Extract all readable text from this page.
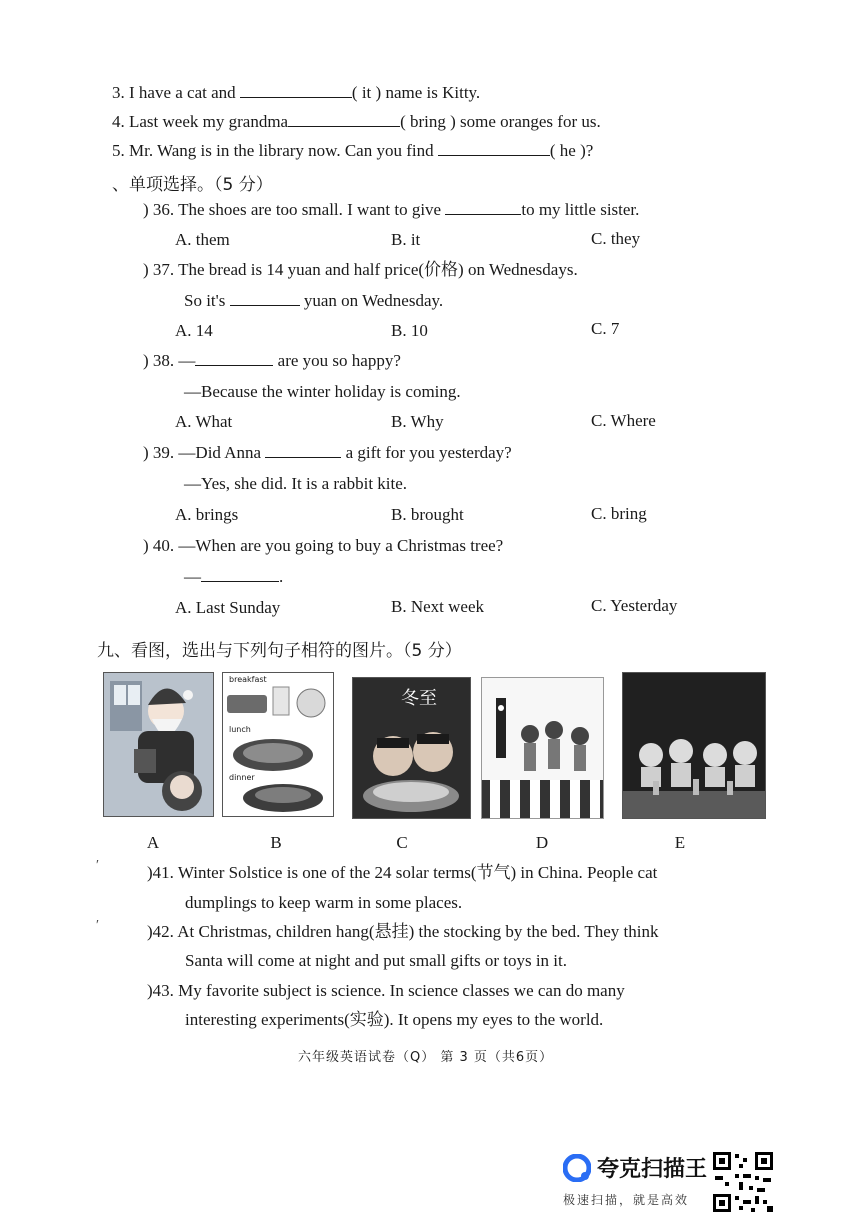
3. I have a cat and	( it ) name is Kitty.
4. Last week my grandma	( bring ) some oranges for us.
5. Mr. Wang is in the library now. Can you find	( he )?
、单项选择。（5 分）
) 36. The shoes are too small. I want to give	to my little sister.
A. them	B. it	C. they
) 37. The bread is 14 yuan and half price(价格) on Wednesdays.
So it's	yuan on Wednesday.
A. 14	B. 10	C. 7
) 38. —	are you so happy?
—Because the winter holiday is coming.
A. What	B. Why	C. Where
) 39. —Did Anna	a gift for you yesterday?
—Yes, she did. It is a rabbit kite.
A. brings	B. brought	C. bring
) 40. —When are you going to buy a Christmas tree?
—	.
A. Last Sunday	B. Next week	C. Yesterday
九、看图，选出与下列句子相符的图片。（5 分）
A
breakfast
lunch
dinner
B
冬至
C	D	E
′	)41. Winter Solstice is one of the 24 solar terms(节气) in China. People cat
dumplings to keep warm in some places.
′	)42. At Christmas, children hang(悬挂) the stocking by the bed. They think
Santa will come at night and put small gifts or toys in it.
)43. My favorite subject is science. In science classes we can do many
interesting experiments(实验). It opens my eyes to the world.
六年级英语试卷（Q） 第 3 页（共6页）
夸克扫描王
极速扫描，就是高效
